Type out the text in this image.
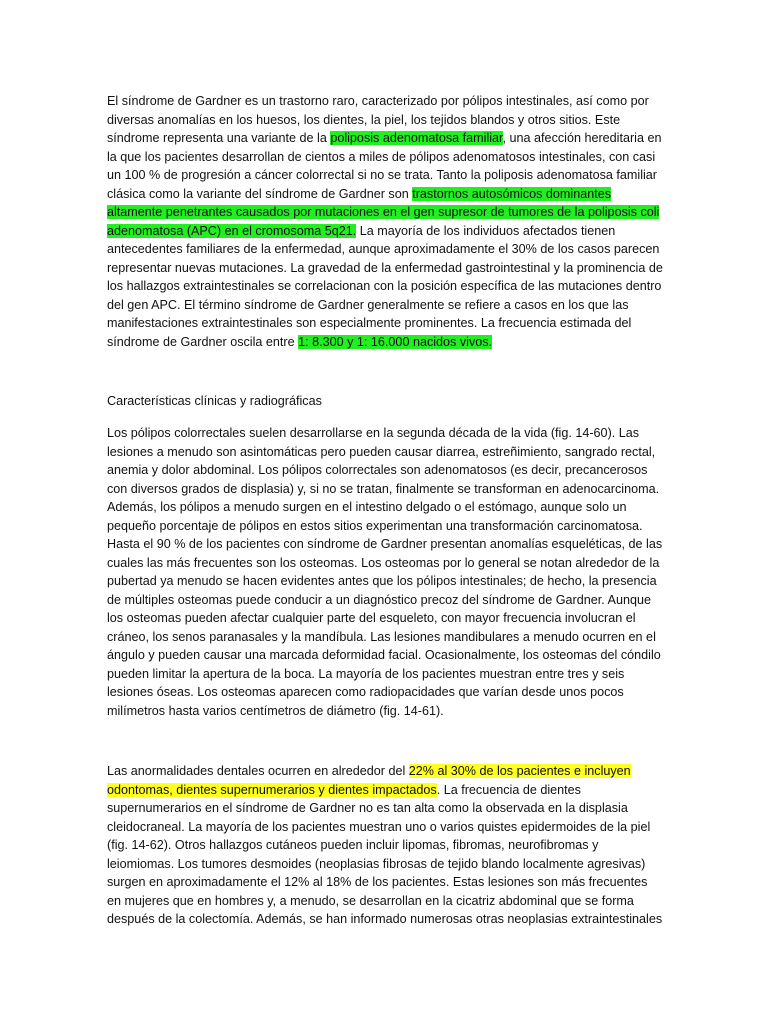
El síndrome de Gardner es un trastorno raro, caracterizado por pólipos intestinales, así como por diversas anomalías en los huesos, los dientes, la piel, los tejidos blandos y otros sitios. Este síndrome representa una variante de la poliposis adenomatosa familiar, una afección hereditaria en la que los pacientes desarrollan de cientos a miles de pólipos adenomatosos intestinales, con casi un 100 % de progresión a cáncer colorrectal si no se trata. Tanto la poliposis adenomatosa familiar clásica como la variante del síndrome de Gardner son trastornos autosómicos dominantes altamente penetrantes causados por mutaciones en el gen supresor de tumores de la poliposis coli adenomatosa (APC) en el cromosoma 5q21. La mayoría de los individuos afectados tienen antecedentes familiares de la enfermedad, aunque aproximadamente el 30% de los casos parecen representar nuevas mutaciones. La gravedad de la enfermedad gastrointestinal y la prominencia de los hallazgos extraintestinales se correlacionan con la posición específica de las mutaciones dentro del gen APC. El término síndrome de Gardner generalmente se refiere a casos en los que las manifestaciones extraintestinales son especialmente prominentes. La frecuencia estimada del síndrome de Gardner oscila entre 1: 8.300 y 1: 16.000 nacidos vivos.

Características clínicas y radiográficas

Los pólipos colorrectales suelen desarrollarse en la segunda década de la vida (fig. 14-60). Las lesiones a menudo son asintomáticas pero pueden causar diarrea, estreñimiento, sangrado rectal, anemia y dolor abdominal. Los pólipos colorrectales son adenomatosos (es decir, precancerosos con diversos grados de displasia) y, si no se tratan, finalmente se transforman en adenocarcinoma. Además, los pólipos a menudo surgen en el intestino delgado o el estómago, aunque solo un pequeño porcentaje de pólipos en estos sitios experimentan una transformación carcinomatosa. Hasta el 90 % de los pacientes con síndrome de Gardner presentan anomalías esqueléticas, de las cuales las más frecuentes son los osteomas. Los osteomas por lo general se notan alrededor de la pubertad ya menudo se hacen evidentes antes que los pólipos intestinales; de hecho, la presencia de múltiples osteomas puede conducir a un diagnóstico precoz del síndrome de Gardner. Aunque los osteomas pueden afectar cualquier parte del esqueleto, con mayor frecuencia involucran el cráneo, los senos paranasales y la mandíbula. Las lesiones mandibulares a menudo ocurren en el ángulo y pueden causar una marcada deformidad facial. Ocasionalmente, los osteomas del cóndilo pueden limitar la apertura de la boca. La mayoría de los pacientes muestran entre tres y seis lesiones óseas. Los osteomas aparecen como radiopacidades que varían desde unos pocos milímetros hasta varios centímetros de diámetro (fig. 14-61).

Las anormalidades dentales ocurren en alrededor del 22% al 30% de los pacientes e incluyen odontomas, dientes supernumerarios y dientes impactados. La frecuencia de dientes supernumerarios en el síndrome de Gardner no es tan alta como la observada en la displasia cleidocraneal. La mayoría de los pacientes muestran uno o varios quistes epidermoides de la piel (fig. 14-62). Otros hallazgos cutáneos pueden incluir lipomas, fibromas, neurofibromas y leiomiomas. Los tumores desmoides (neoplasias fibrosas de tejido blando localmente agresivas) surgen en aproximadamente el 12% al 18% de los pacientes. Estas lesiones son más frecuentes en mujeres que en hombres y, a menudo, se desarrollan en la cicatriz abdominal que se forma después de la colectomía. Además, se han informado numerosas otras neoplasias extraintestinales
